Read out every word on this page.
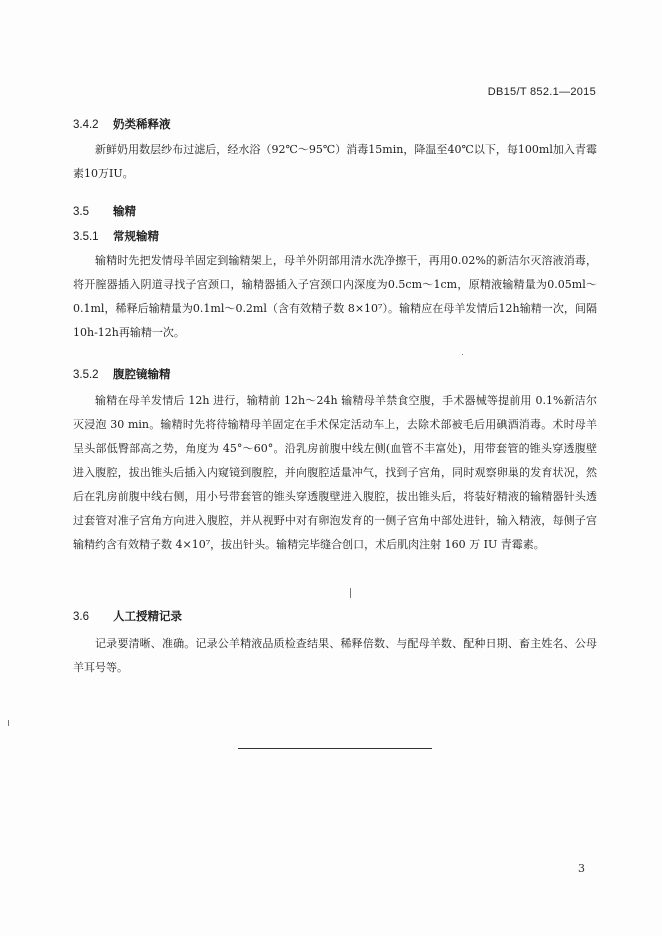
DB15/T 852.1—2015
3.4.2 奶类稀释液

新鲜奶用数层纱布过滤后，经水浴（92℃～95℃）消毒15min，降温至40℃以下，每100ml加入青霉素10万IU。

3.5 输精
3.5.1 常规输精

输精时先把发情母羊固定到输精架上，母羊外阴部用清水洗净擦干，再用0.02%的新洁尔灭溶液消毒，将开膣器插入阴道寻找子宫颈口，输精器插入子宫颈口内深度为0.5cm～1cm，原精液输精量为0.05ml～0.1ml，稀释后输精量为0.1ml～0.2ml（含有效精子数 8×10⁷）。输精应在母羊发情后12h输精一次，间隔10h-12h再输精一次。

3.5.2 腹腔镜输精

输精在母羊发情后 12h 进行，输精前 12h～24h 输精母羊禁食空腹，手术器械等提前用 0.1%新洁尔灭浸泡 30 min。输精时先将待输精母羊固定在手术保定活动车上，去除术部被毛后用碘酒消毒。术时母羊呈头部低臀部高之势，角度为 45°～60°。沿乳房前腹中线左侧(血管不丰富处)，用带套管的锥头穿透腹壁进入腹腔，拔出锥头后插入内窥镜到腹腔，并向腹腔适量冲气，找到子宫角，同时观察卵巢的发育状况，然后在乳房前腹中线右侧，用小号带套管的锥头穿透腹壁进入腹腔，拔出锥头后，将装好精液的输精器针头透过套管对准子宫角方向进入腹腔，并从视野中对有卵泡发育的一侧子宫角中部处进针，输入精液，每侧子宫输精约含有效精子数 4×10⁷，拔出针头。输精完毕缝合创口，术后肌肉注射 160 万 IU 青霉素。

3.6 人工授精记录

记录要清晰、准确。记录公羊精液品质检查结果、稀释倍数、与配母羊数、配种日期、畜主姓名、公母羊耳号等。

3
